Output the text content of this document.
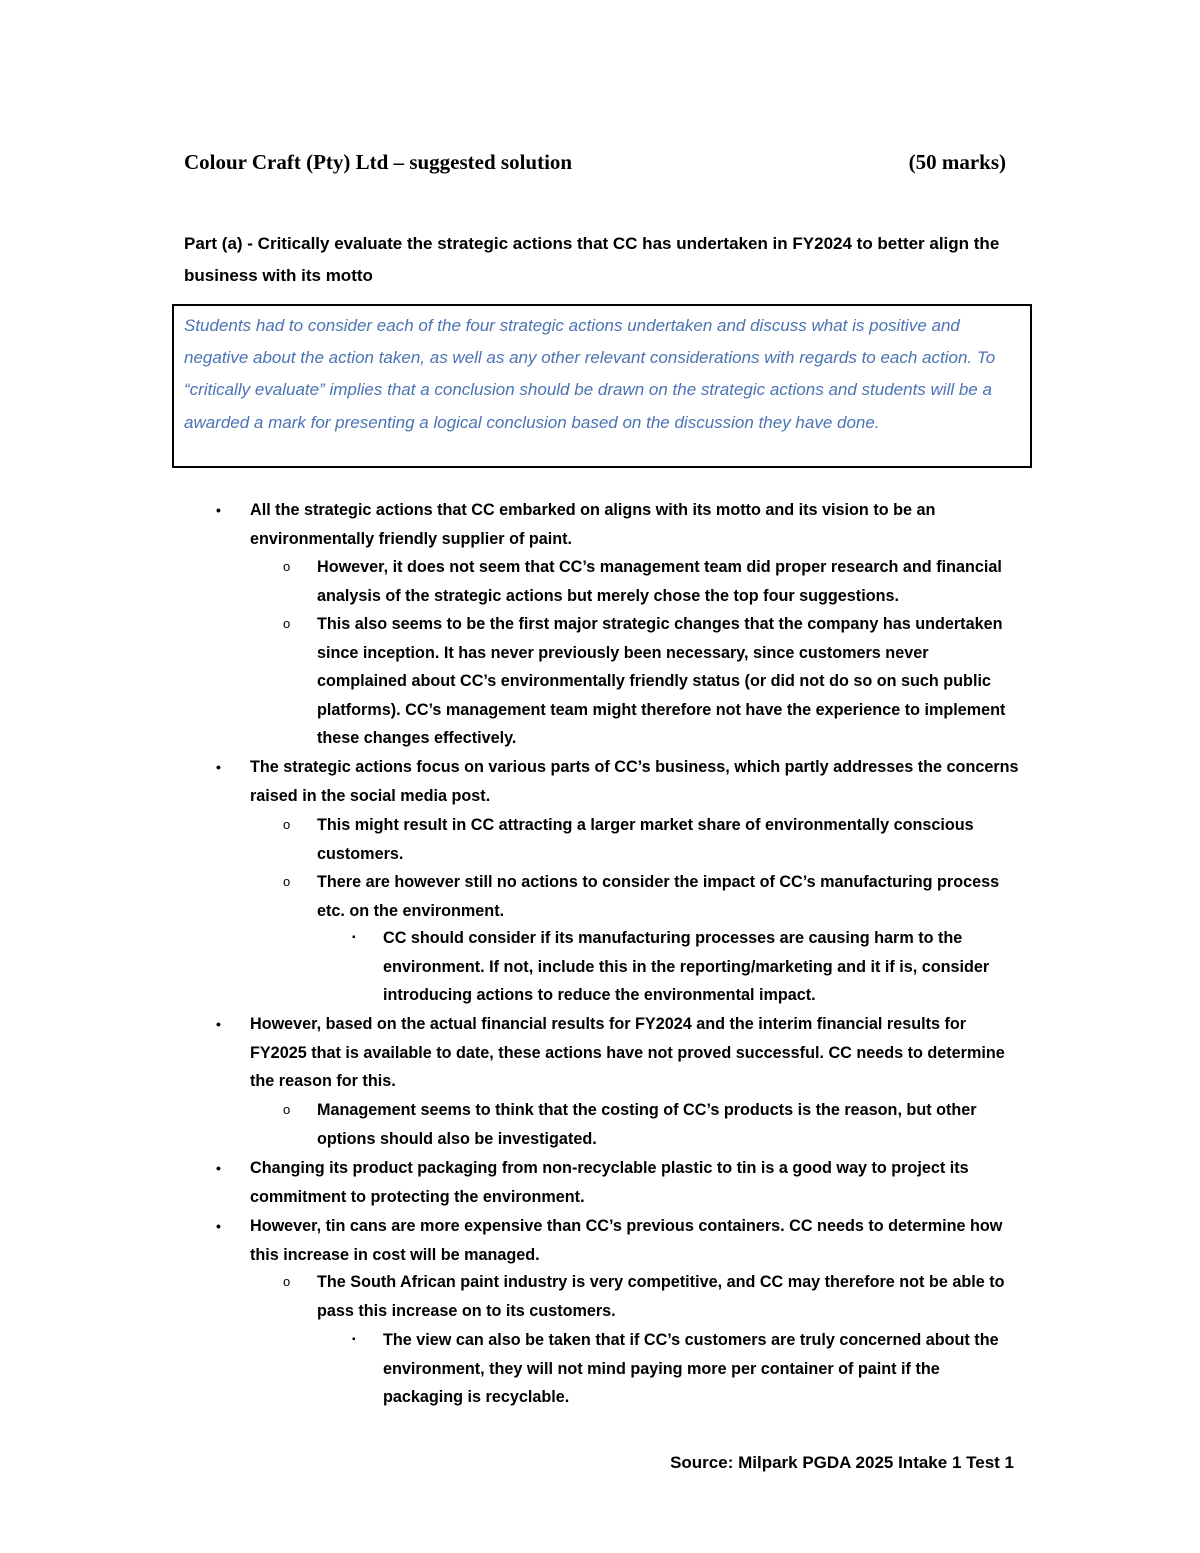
Colour Craft (Pty) Ltd – suggested solution	(50 marks)
Part (a) - Critically evaluate the strategic actions that CC has undertaken in FY2024 to better align the business with its motto
Students had to consider each of the four strategic actions undertaken and discuss what is positive and negative about the action taken, as well as any other relevant considerations with regards to each action. To “critically evaluate” implies that a conclusion should be drawn on the strategic actions and students will be a awarded a mark for presenting a logical conclusion based on the discussion they have done.
• All the strategic actions that CC embarked on aligns with its motto and its vision to be an environmentally friendly supplier of paint.
o However, it does not seem that CC’s management team did proper research and financial analysis of the strategic actions but merely chose the top four suggestions.
o This also seems to be the first major strategic changes that the company has undertaken since inception. It has never previously been necessary, since customers never complained about CC’s environmentally friendly status (or did not do so on such public platforms). CC’s management team might therefore not have the experience to implement these changes effectively.
• The strategic actions focus on various parts of CC’s business, which partly addresses the concerns raised in the social media post.
o This might result in CC attracting a larger market share of environmentally conscious customers.
o There are however still no actions to consider the impact of CC’s manufacturing process etc. on the environment.
▪ CC should consider if its manufacturing processes are causing harm to the environment. If not, include this in the reporting/marketing and it if is, consider introducing actions to reduce the environmental impact.
• However, based on the actual financial results for FY2024 and the interim financial results for FY2025 that is available to date, these actions have not proved successful. CC needs to determine the reason for this.
o Management seems to think that the costing of CC’s products is the reason, but other options should also be investigated.
• Changing its product packaging from non-recyclable plastic to tin is a good way to project its commitment to protecting the environment.
• However, tin cans are more expensive than CC’s previous containers. CC needs to determine how this increase in cost will be managed.
o The South African paint industry is very competitive, and CC may therefore not be able to pass this increase on to its customers.
▪ The view can also be taken that if CC’s customers are truly concerned about the environment, they will not mind paying more per container of paint if the packaging is recyclable.
Source: Milpark PGDA 2025 Intake 1 Test 1
